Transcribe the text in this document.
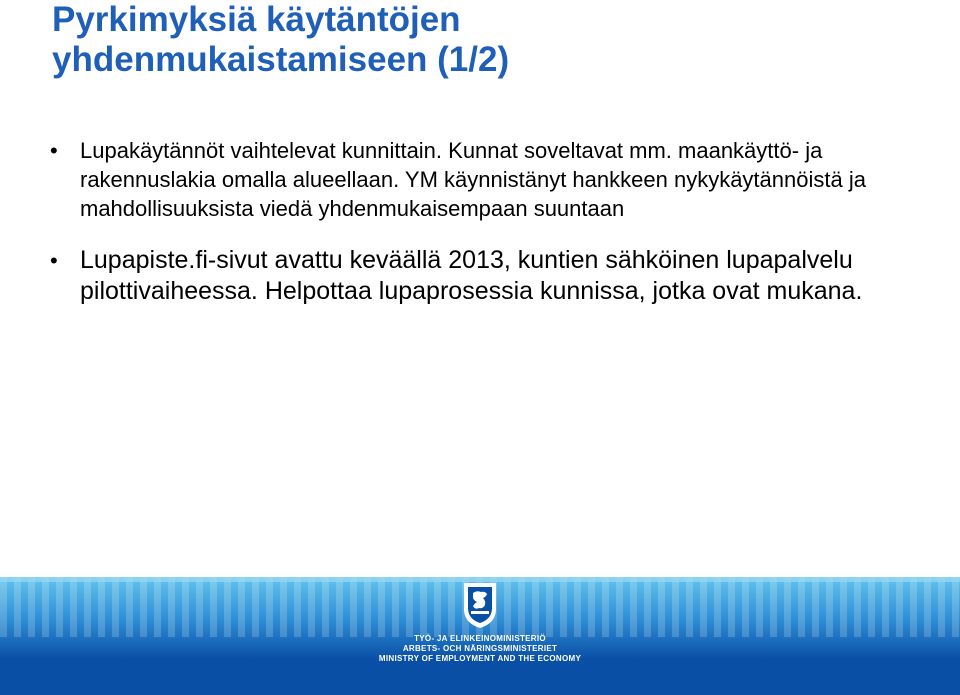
Pyrkimyksiä käytäntöjen
yhdenmukaistamiseen (1/2)
• Lupakäytännöt vaihtelevat kunnittain. Kunnat soveltavat mm. maankäyttö- ja rakennuslakia omalla alueellaan. YM käynnistänyt hankkeen nykykäytännöistä ja mahdollisuuksista viedä yhdenmukaisempaan suuntaan
• Lupapiste.fi-sivut avattu keväällä 2013, kuntien sähköinen lupapalvelu pilottivaiheessa. Helpottaa lupaprosessia kunnissa, jotka ovat mukana.
TYÖ- JA ELINKEINOMINISTERIÖ
ARBETS- OCH NÄRINGSMINISTERIET
MINISTRY OF EMPLOYMENT AND THE ECONOMY
